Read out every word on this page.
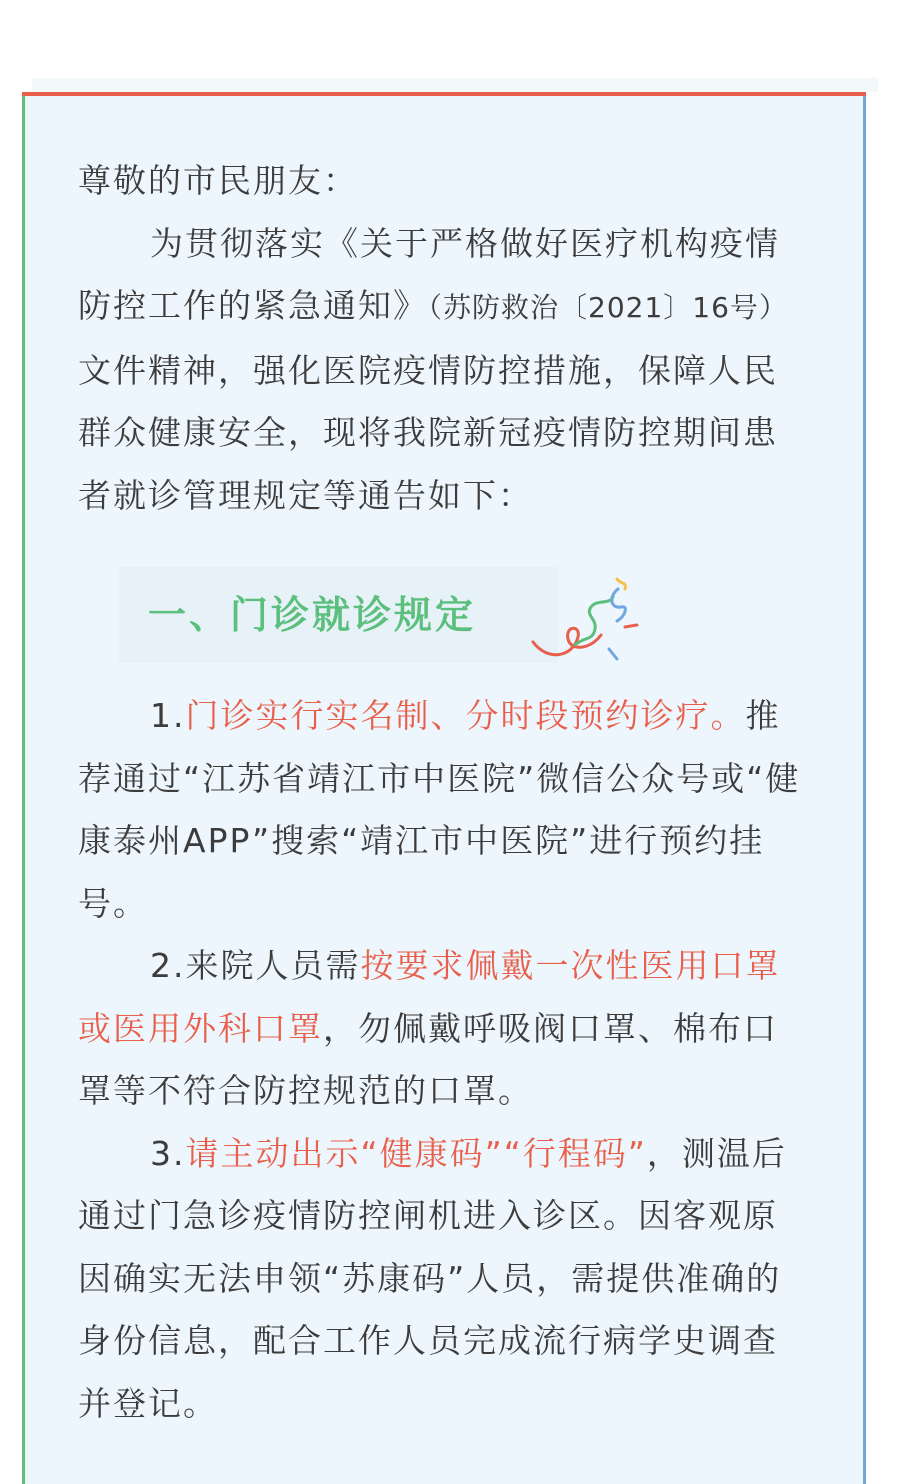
尊敬的市民朋友：

为贯彻落实《关于严格做好医疗机构疫情防控工作的紧急通知》（苏防救治〔2021〕16号）文件精神，强化医院疫情防控措施，保障人民群众健康安全，现将我院新冠疫情防控期间患者就诊管理规定等通告如下：

一、门诊就诊规定

1.门诊实行实名制、分时段预约诊疗。推荐通过“江苏省靖江市中医院”微信公众号或“健康泰州APP”搜索“靖江市中医院”进行预约挂号。

2.来院人员需按要求佩戴一次性医用口罩或医用外科口罩，勿佩戴呼吸阀口罩、棉布口罩等不符合防控规范的口罩。

3.请主动出示“健康码”“行程码”，测温后通过门急诊疫情防控闸机进入诊区。因客观原因确实无法申领“苏康码”人员，需提供准确的身份信息，配合工作人员完成流行病学史调查并登记。
